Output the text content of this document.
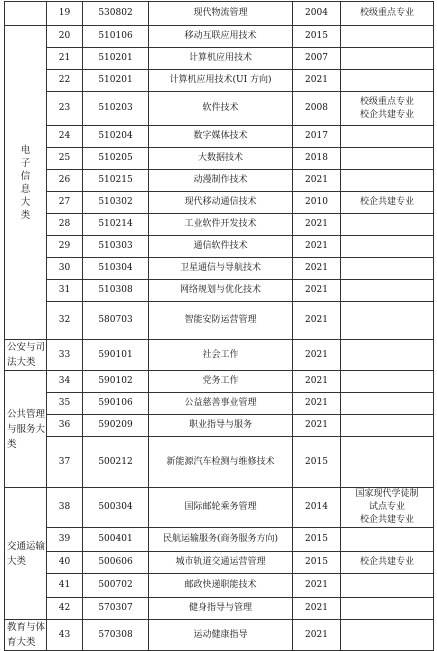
	19	530802	现代物流管理	2004	校级重点专业

电子信息大类	20	510106	移动互联应用技术	2015	
	21	510201	计算机应用技术	2007	
	22	510201	计算机应用技术(UI 方向)	2021	
	23	510203	软件技术	2008	校级重点专业
校企共建专业

	24	510204	数字媒体技术	2017	
	25	510205	大数据技术	2018	
	26	510215	动漫制作技术	2021	
	27	510302	现代移动通信技术	2010	校企共建专业

	28	510214	工业软件开发技术	2021	
	29	510303	通信软件技术	2021	
	30	510304	卫星通信与导航技术	2021	
	31	510308	网络规划与优化技术	2021	
	32	580703	智能安防运营管理	2021	
公安与司法大类	33	590101	社会工作	2021	
公共管理与服务大类	34	590102	党务工作	2021	
	35	590106	公益慈善事业管理	2021	
	36	590209	职业指导与服务	2021	
	37	500212	新能源汽车检测与维修技术	2015	
交通运输大类	38	500304	国际邮轮乘务管理	2014	国家现代学徒制
试点专业
校企共建专业

	39	500401	民航运输服务(商务服务方向)	2015	
	40	500606	城市轨道交通运营管理	2015	校企共建专业

	41	500702	邮政快递职能技术	2021	
	42	570307	健身指导与管理	2021	
教育与体育大类	43	570308	运动健康指导	2021	
